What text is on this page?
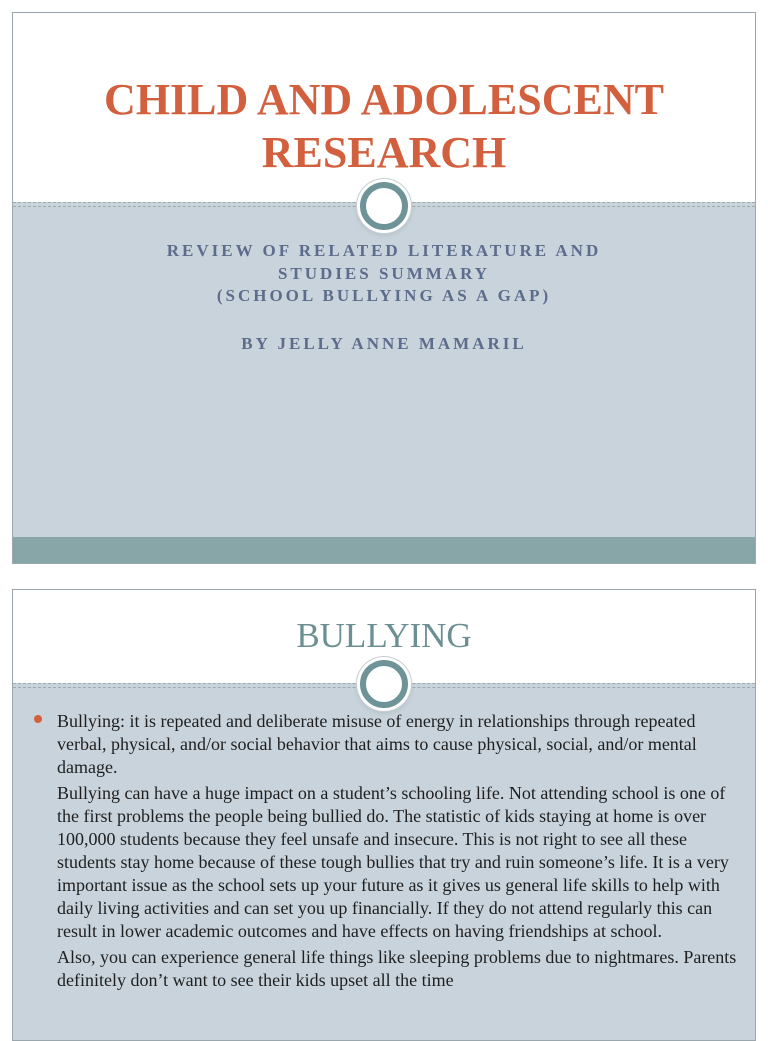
CHILD AND ADOLESCENT
RESEARCH
REVIEW OF RELATED LITERATURE AND
STUDIES SUMMARY
(SCHOOL BULLYING AS A GAP)
BY JELLY ANNE MAMARIL
BULLYING

Bullying: it is repeated and deliberate misuse of energy in relationships through repeated verbal, physical, and/or social behavior that aims to cause physical, social, and/or mental damage.

Bullying can have a huge impact on a student’s schooling life. Not attending school is one of the first problems the people being bullied do. The statistic of kids staying at home is over 100,000 students because they feel unsafe and insecure. This is not right to see all these students stay home because of these tough bullies that try and ruin someone’s life. It is a very important issue as the school sets up your future as it gives us general life skills to help with daily living activities and can set you up financially. If they do not attend regularly this can result in lower academic outcomes and have effects on having friendships at school.

Also, you can experience general life things like sleeping problems due to nightmares. Parents definitely don’t want to see their kids upset all the time
